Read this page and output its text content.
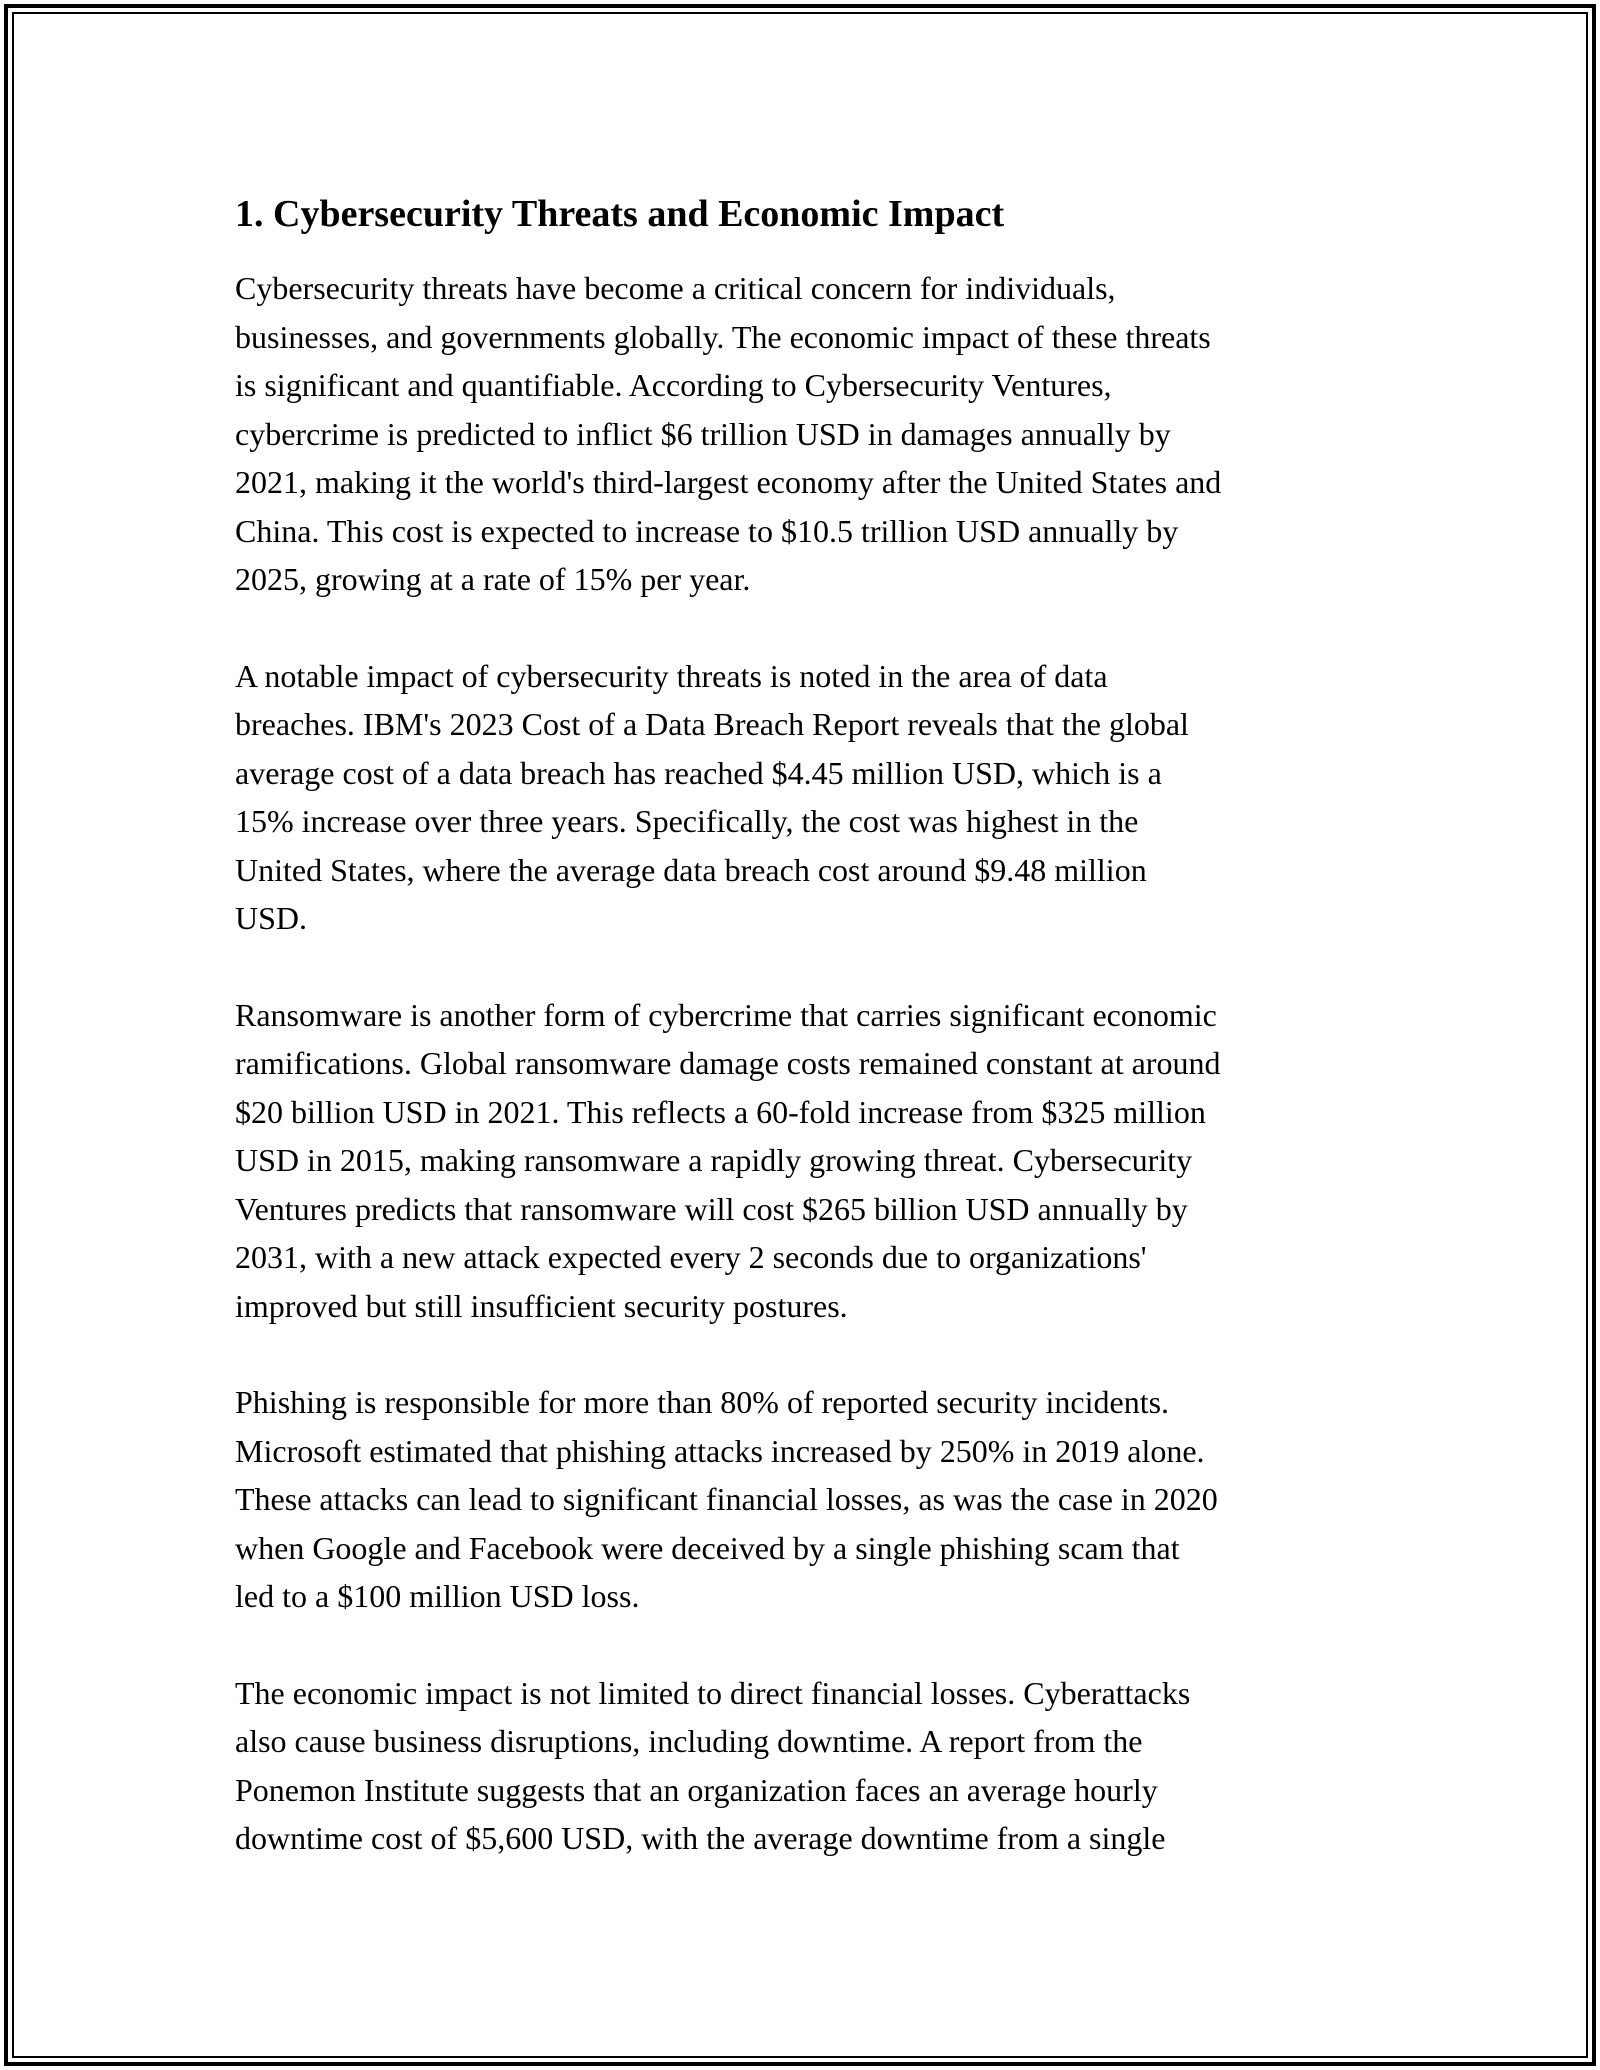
1. Cybersecurity Threats and Economic Impact

Cybersecurity threats have become a critical concern for individuals,
businesses, and governments globally. The economic impact of these threats
is significant and quantifiable. According to Cybersecurity Ventures,
cybercrime is predicted to inflict $6 trillion USD in damages annually by
2021, making it the world's third-largest economy after the United States and
China. This cost is expected to increase to $10.5 trillion USD annually by
2025, growing at a rate of 15% per year.

A notable impact of cybersecurity threats is noted in the area of data
breaches. IBM's 2023 Cost of a Data Breach Report reveals that the global
average cost of a data breach has reached $4.45 million USD, which is a
15% increase over three years. Specifically, the cost was highest in the
United States, where the average data breach cost around $9.48 million
USD.

Ransomware is another form of cybercrime that carries significant economic
ramifications. Global ransomware damage costs remained constant at around
$20 billion USD in 2021. This reflects a 60-fold increase from $325 million
USD in 2015, making ransomware a rapidly growing threat. Cybersecurity
Ventures predicts that ransomware will cost $265 billion USD annually by
2031, with a new attack expected every 2 seconds due to organizations'
improved but still insufficient security postures.

Phishing is responsible for more than 80% of reported security incidents.
Microsoft estimated that phishing attacks increased by 250% in 2019 alone.
These attacks can lead to significant financial losses, as was the case in 2020
when Google and Facebook were deceived by a single phishing scam that
led to a $100 million USD loss.

The economic impact is not limited to direct financial losses. Cyberattacks
also cause business disruptions, including downtime. A report from the
Ponemon Institute suggests that an organization faces an average hourly
downtime cost of $5,600 USD, with the average downtime from a single
